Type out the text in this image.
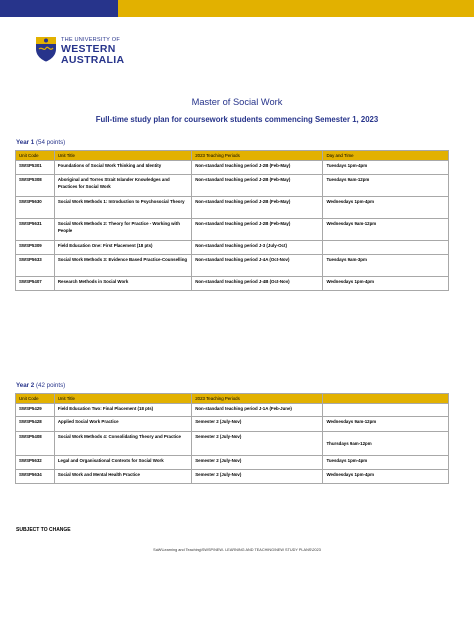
THE UNIVERSITY OF
WESTERN
AUSTRALIA
Master of Social Work
Full-time study plan for coursework students commencing Semester 1, 2023
Year 1 (54 points)
Unit Code	Unit Title	2023 Teaching Periods	Day and Time
SWSP5301	Foundations of Social Work Thinking and Identity	Non-standard teaching period J-2B (Feb-May)	Tuesdays 1pm-4pm
SWSP5308	Aboriginal and Torres Strait Islander Knowledges and Practices for Social Work	Non-standard teaching period J-2B (Feb-May)	Tuesdays 9am-12pm
SWSP5630	Social Work Methods 1: Introduction to Psychosocial Theory	Non-standard teaching period J-2B (Feb-May)	Wednesdays 1pm-4pm
SWSP5631	Social Work Methods 2: Theory for Practice - Working with People	Non-standard teaching period J-2B (Feb-May)	Wednesdays 9am-12pm
SWSP5309	Field Education One: First Placement (18 pts)	Non-standard teaching period J-3 (July-Oct)	
SWSP5633	Social Work Methods 3: Evidence Based Practice-Counselling	Non-standard teaching period J-4A (Oct-Nov)	Tuesdays 9am-3pm
SWSP5407	Research Methods in Social Work	Non-standard teaching period J-4B (Oct-Nov)	Wednesdays 1pm-4pm
Year 2 (42 points)
Unit Code	Unit Title	2023 Teaching Periods	
SWSP5429	Field Education Two: Final Placement (18 pts)	Non-standard teaching period J-1A (Feb-June)	
SWSP5428	Applied Social Work Practice	Semester 2 (July-Nov)	Wednesdays 9am-12pm
SWSP5408	Social Work Methods 4: Consolidating Theory and Practice	Semester 2 (July-Nov)	Thursdays 9am-12pm
SWSP5632	Legal and Organisational Contexts for Social Work	Semester 2 (July-Nov)	Tuesdays 1pm-4pm
SWSP5634	Social Work and Mental Health Practice	Semester 2 (July-Nov)	Wednesdays 1pm-4pm
SUBJECT TO CHANGE
SaW\Learning and Teaching\SWSP\NEW- LEARNING AND TEACHING\NEW STUDY PLANS\2023
